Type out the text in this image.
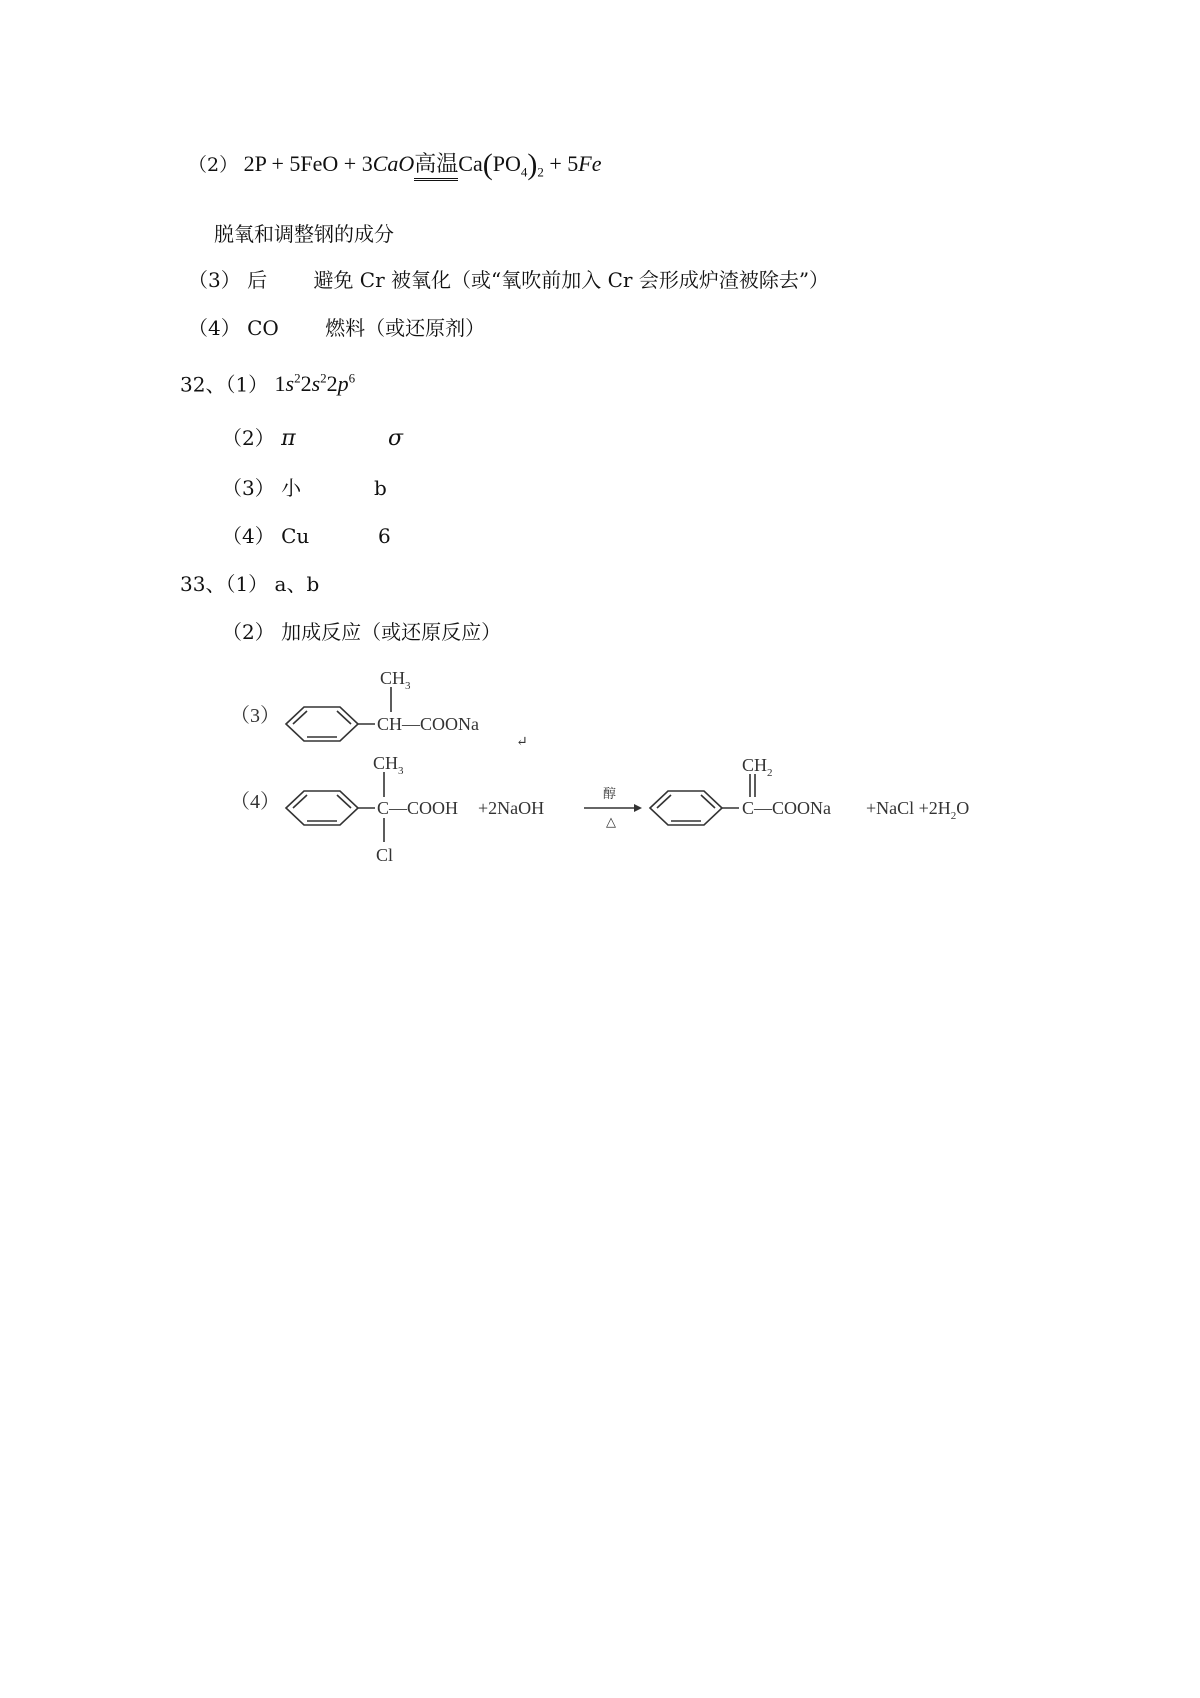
（2） 2P + 5FeO + 3CaO高温$Ca(PO_4)_2 + 5Fe$
脱氧和调整钢的成分
（3） 后 避免 Cr 被氧化（或“氧吹前加入 Cr 会形成炉渣被除去”）
（4） CO 燃料（或还原剂）
32、（1） $1s^22s^22p^6$
（2） π	σ
（3） 小	b
（4） Cu	6
33、（1） a、b
（2） 加成反应（或还原反应）
（3）
$CH_3$
CH—COONa
↵
（4）
$CH_3$
C—COOH
Cl
+2NaOH
醇
△
$CH_2$
C—COONa +NaCl $+2H_2O$
